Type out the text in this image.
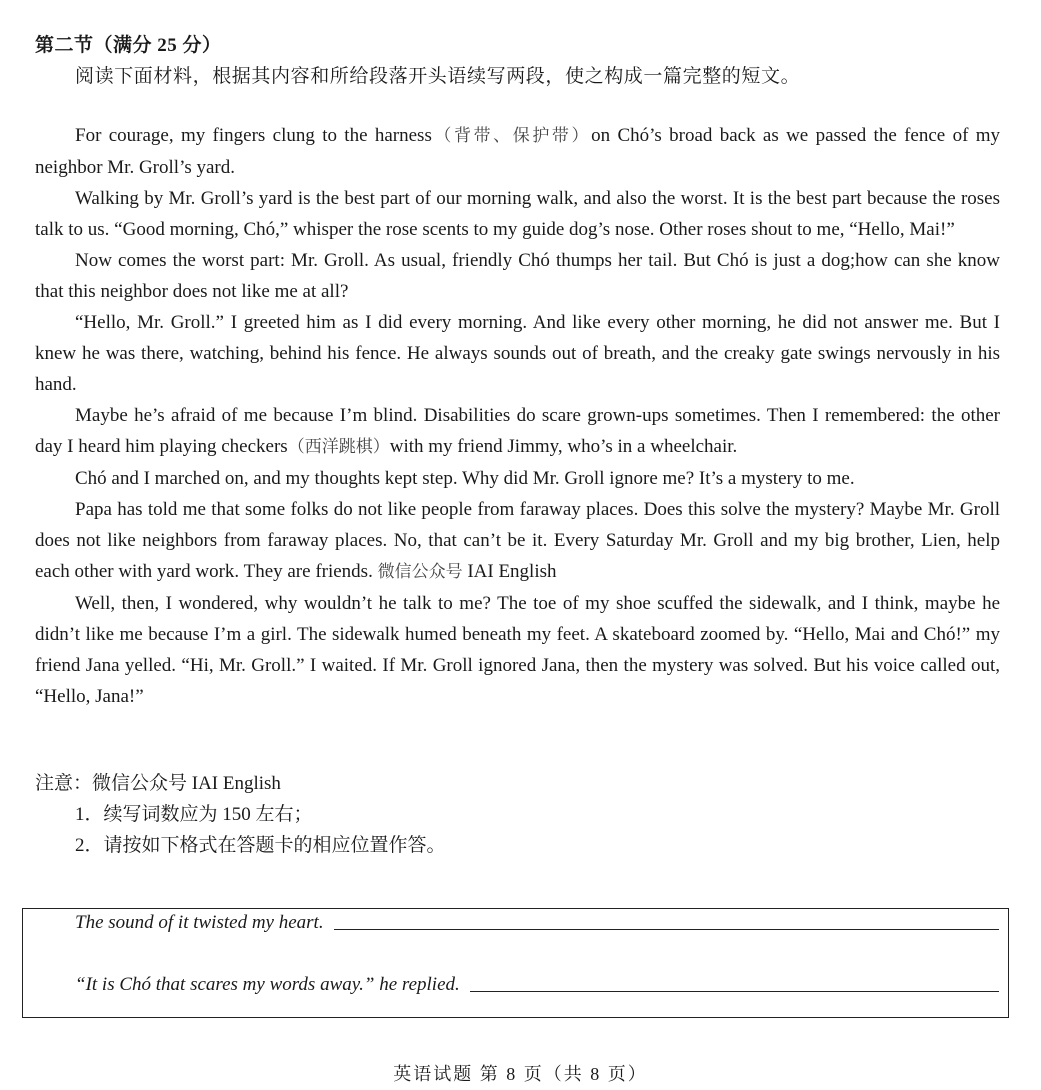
第二节（满分 25 分）
阅读下面材料，根据其内容和所给段落开头语续写两段，使之构成一篇完整的短文。

For courage, my fingers clung to the harness（背带、保护带）on Chó’s broad back as we passed the fence of my neighbor Mr. Groll’s yard.

Walking by Mr. Groll’s yard is the best part of our morning walk, and also the worst. It is the best part because the roses talk to us. “Good morning, Chó,” whisper the rose scents to my guide dog’s nose. Other roses shout to me, “Hello, Mai!”

Now comes the worst part: Mr. Groll. As usual, friendly Chó thumps her tail. But Chó is just a dog;how can she know that this neighbor does not like me at all?

“Hello, Mr. Groll.” I greeted him as I did every morning. And like every other morning, he did not answer me. But I knew he was there, watching, behind his fence. He always sounds out of breath, and the creaky gate swings nervously in his hand.

Maybe he’s afraid of me because I’m blind. Disabilities do scare grown-ups sometimes. Then I remembered: the other day I heard him playing checkers（西洋跳棋）with my friend Jimmy, who’s in a wheelchair.

Chó and I marched on, and my thoughts kept step. Why did Mr. Groll ignore me? It’s a mystery to me.

Papa has told me that some folks do not like people from faraway places. Does this solve the mystery? Maybe Mr. Groll does not like neighbors from faraway places. No, that can’t be it. Every Saturday Mr. Groll and my big brother, Lien, help each other with yard work. They are friends. 微信公众号 IAI English

Well, then, I wondered, why wouldn’t he talk to me? The toe of my shoe scuffed the sidewalk, and I think, maybe he didn’t like me because I’m a girl. The sidewalk humed beneath my feet. A skateboard zoomed by. “Hello, Mai and Chó!” my friend Jana yelled. “Hi, Mr. Groll.” I waited. If Mr. Groll ignored Jana, then the mystery was solved. But his voice called out, “Hello, Jana!”

注意：微信公众号 IAI English
1．续写词数应为 150 左右；
2．请按如下格式在答题卡的相应位置作答。
The sound of it twisted my heart.
“It is Chó that scares my words away.” he replied.
英语试题 第 8 页（共 8 页）
